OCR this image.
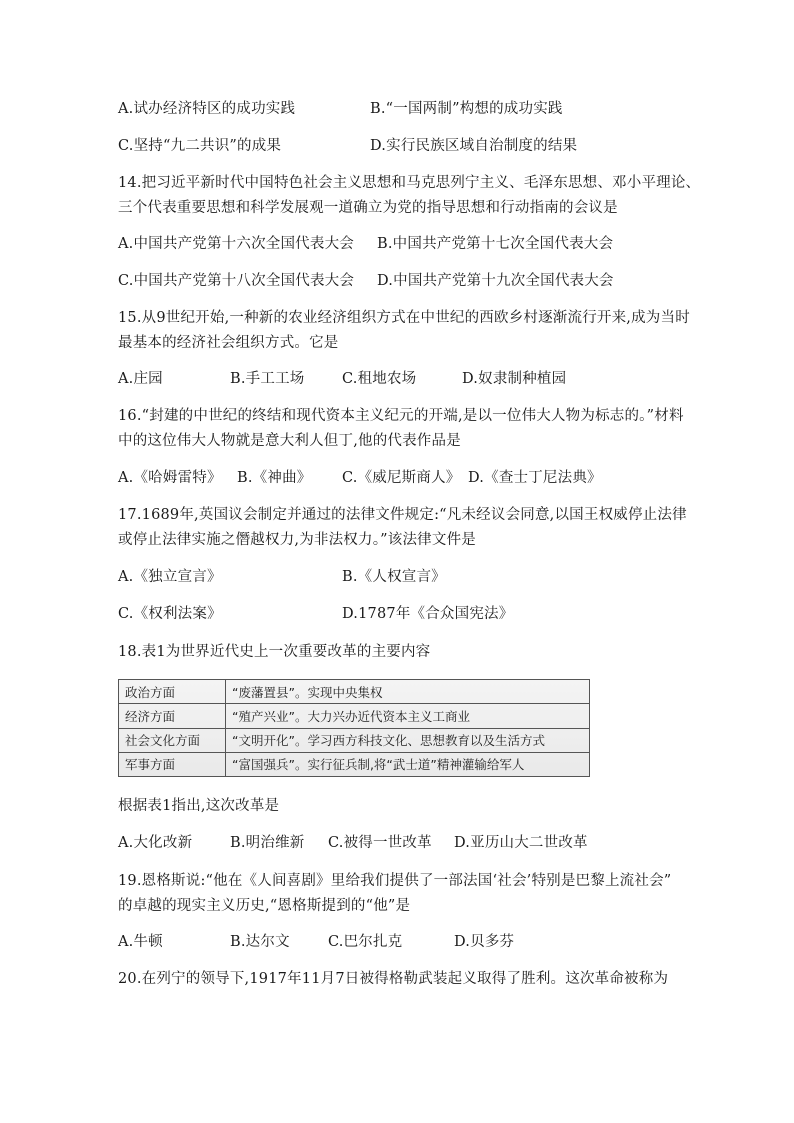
A.试办经济特区的成功实践	B.“一国两制”构想的成功实践
C.坚持“九二共识”的成果	D.实行民族区域自治制度的结果
14.把习近平新时代中国特色社会主义思想和马克思列宁主义、毛泽东思想、邓小平理论、
三个代表重要思想和科学发展观一道确立为党的指导思想和行动指南的会议是
A.中国共产党第十六次全国代表大会 B.中国共产党第十七次全国代表大会
C.中国共产党第十八次全国代表大会 D.中国共产党第十九次全国代表大会
15.从9世纪开始,一种新的农业经济组织方式在中世纪的西欧乡村逐渐流行开来,成为当时
最基本的经济社会组织方式。它是
A.庄园	B.手工工场	C.租地农场	D.奴隶制种植园
16.“封建的中世纪的终结和现代资本主义纪元的开端,是以一位伟大人物为标志的。”材料
中的这位伟大人物就是意大利人但丁,他的代表作品是
A.《哈姆雷特》 B.《神曲》 C.《威尼斯商人》 D.《查士丁尼法典》
17.1689年,英国议会制定并通过的法律文件规定:“凡未经议会同意,以国王权威停止法律
或停止法律实施之僭越权力,为非法权力。”该法律文件是
A.《独立宣言》	B.《人权宣言》
C.《权利法案》	D.1787年《合众国宪法》
18.表1为世界近代史上一次重要改革的主要内容
政治方面	“废藩置县”。实现中央集权
经济方面	“殖产兴业”。大力兴办近代资本主义工商业
社会文化方面	“文明开化”。学习西方科技文化、思想教育以及生活方式
军事方面	“富国强兵”。实行征兵制,将“武士道”精神灌输给军人
根据表1指出,这次改革是
A.大化改新	B.明治维新 C.被得一世改革 D.亚历山大二世改革
19.恩格斯说:“他在《人间喜剧》里给我们提供了一部法国‘社会’特别是巴黎上流社会”
的卓越的现实主义历史,“恩格斯提到的“他”是
A.牛顿	B.达尔文	C.巴尔扎克	D.贝多芬
20.在列宁的领导下,1917年11月7日被得格勒武装起义取得了胜利。这次革命被称为
